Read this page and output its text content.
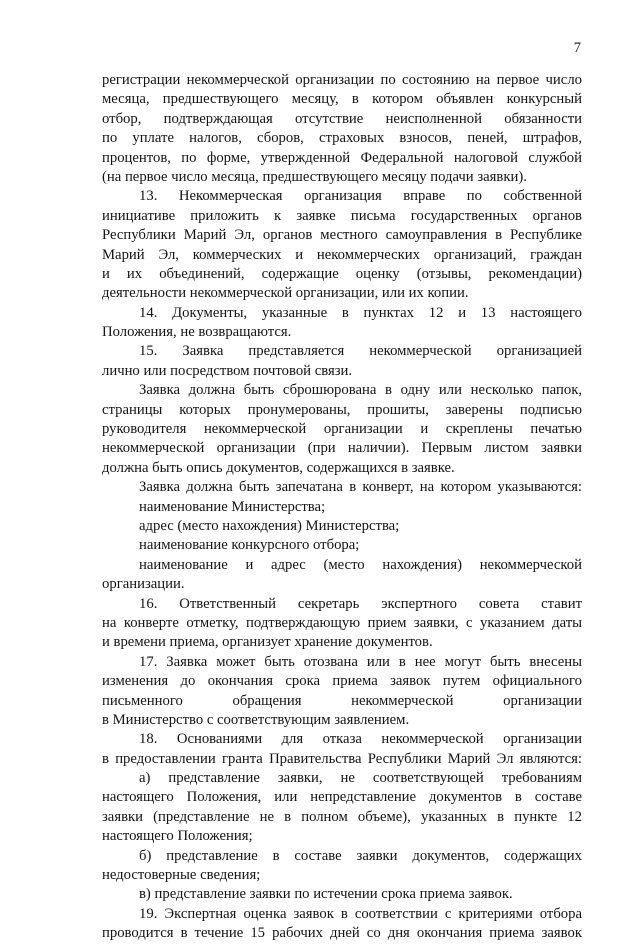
7
регистрации некоммерческой организации по состоянию на первое число
месяца, предшествующего месяцу, в котором объявлен конкурсный
отбор, подтверждающая отсутствие неисполненной обязанности
по уплате налогов, сборов, страховых взносов, пеней, штрафов,
процентов, по форме, утвержденной Федеральной налоговой службой
(на первое число месяца, предшествующего месяцу подачи заявки).
13. Некоммерческая организация вправе по собственной
инициативе приложить к заявке письма государственных органов
Республики Марий Эл, органов местного самоуправления в Республике
Марий Эл, коммерческих и некоммерческих организаций, граждан
и их объединений, содержащие оценку (отзывы, рекомендации)
деятельности некоммерческой организации, или их копии.
14. Документы, указанные в пунктах 12 и 13 настоящего
Положения, не возвращаются.
15. Заявка представляется некоммерческой организацией
лично или посредством почтовой связи.
Заявка должна быть сброшюрована в одну или несколько папок,
страницы которых пронумерованы, прошиты, заверены подписью
руководителя некоммерческой организации и скреплены печатью
некоммерческой организации (при наличии). Первым листом заявки
должна быть опись документов, содержащихся в заявке.
Заявка должна быть запечатана в конверт, на котором указываются:
наименование Министерства;
адрес (место нахождения) Министерства;
наименование конкурсного отбора;
наименование и адрес (место нахождения) некоммерческой
организации.
16. Ответственный секретарь экспертного совета ставит
на конверте отметку, подтверждающую прием заявки, с указанием даты
и времени приема, организует хранение документов.
17. Заявка может быть отозвана или в нее могут быть внесены
изменения до окончания срока приема заявок путем официального
письменного обращения некоммерческой организации
в Министерство с соответствующим заявлением.
18. Основаниями для отказа некоммерческой организации
в предоставлении гранта Правительства Республики Марий Эл являются:
а) представление заявки, не соответствующей требованиям
настоящего Положения, или непредставление документов в составе
заявки (представление не в полном объеме), указанных в пункте 12
настоящего Положения;
б) представление в составе заявки документов, содержащих
недостоверные сведения;
в) представление заявки по истечении срока приема заявок.
19. Экспертная оценка заявок в соответствии с критериями отбора
проводится в течение 15 рабочих дней со дня окончания приема заявок
